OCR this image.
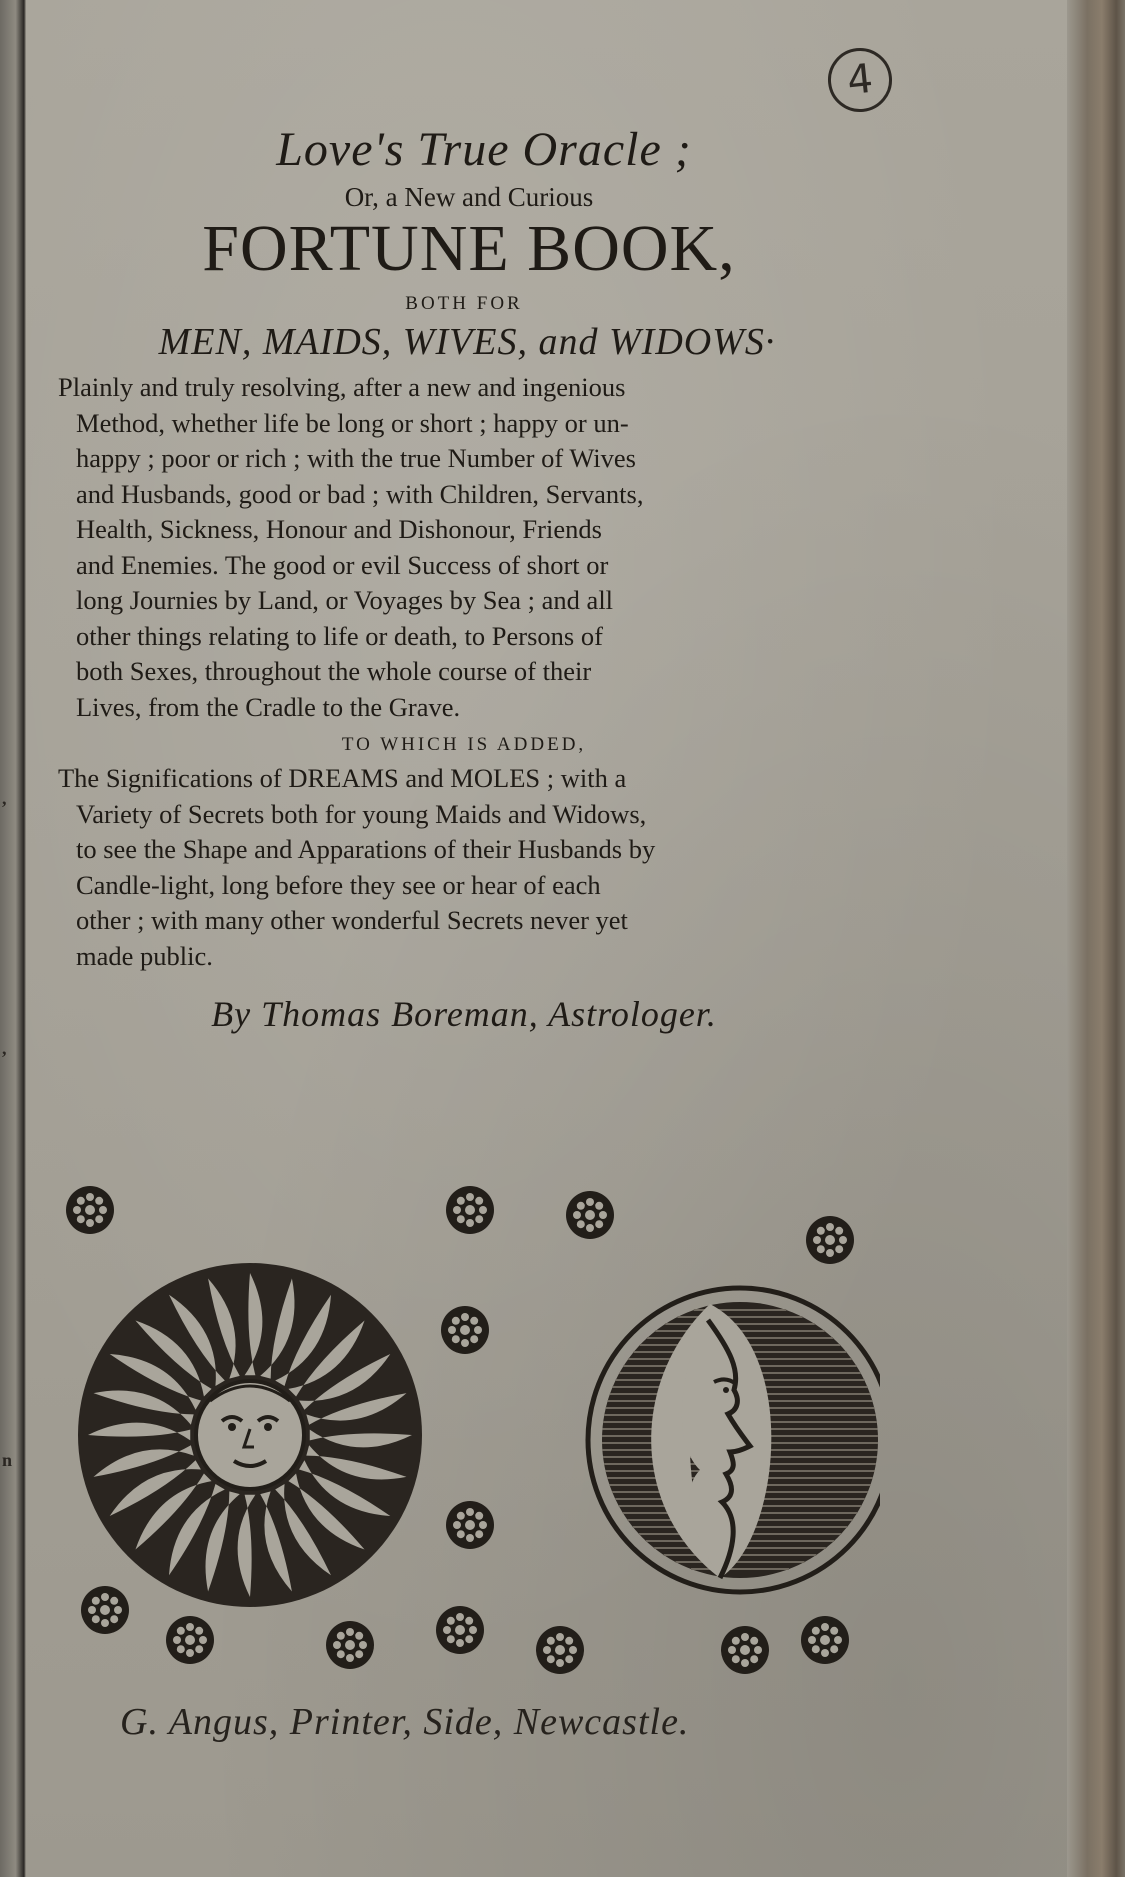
,
,
n
4

Love's True Oracle ;

Or, a New and Curious

FORTUNE BOOK,

BOTH FOR

MEN, MAIDS, WIVES, and WIDOWS·

Plainly and truly resolving, after a new and ingenious
Method, whether life be long or short ; happy or un-
happy ; poor or rich ; with the true Number of Wives
and Husbands, good or bad ; with Children, Servants,
Health, Sickness, Honour and Dishonour, Friends
and Enemies. The good or evil Success of short or
long Journies by Land, or Voyages by Sea ; and all
other things relating to life or death, to Persons of
both Sexes, throughout the whole course of their
Lives, from the Cradle to the Grave.

TO WHICH IS ADDED,

The Significations of DREAMS and MOLES ; with a
Variety of Secrets both for young Maids and Widows,
to see the Shape and Apparations of their Husbands by
Candle-light, long before they see or hear of each
other ; with many other wonderful Secrets never yet
made public.

By Thomas Boreman, Astrologer.

G. Angus, Printer, Side, Newcastle.
